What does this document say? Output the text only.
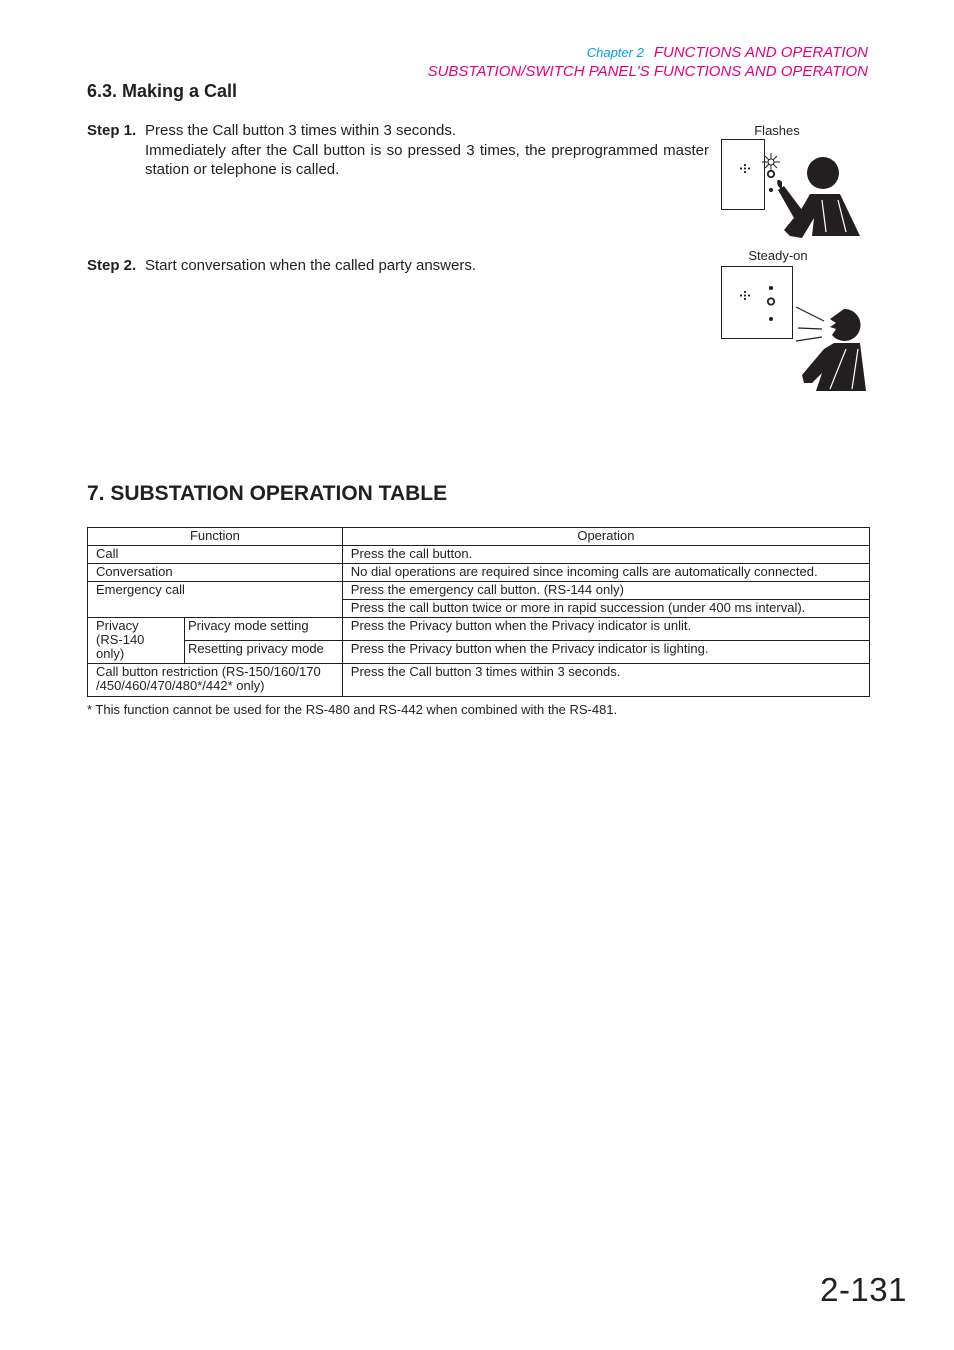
Chapter 2 FUNCTIONS AND OPERATION
SUBSTATION/SWITCH PANEL'S FUNCTIONS AND OPERATION
6.3. Making a Call
Step 1. Press the Call button 3 times within 3 seconds.

Immediately after the Call button is so pressed 3 times, the preprogrammed master station or telephone is called.

Step 2. Start conversation when the called party answers.

Flashes
Steady-on
7. SUBSTATION OPERATION TABLE
Function		Operation
Call		Press the call button.
Conversation		No dial operations are required since incoming calls are automatically connected.
Emergency call		Press the emergency call button. (RS-144 only)
		Press the call button twice or more in rapid succession (under 400 ms interval).
Privacy
(RS-140 only)	Privacy mode setting	Press the Privacy button when the Privacy indicator is unlit.
	Resetting privacy mode	Press the Privacy button when the Privacy indicator is lighting.
Call button restriction (RS-150/160/170
/450/460/470/480*/442* only)		Press the Call button 3 times within 3 seconds.
* This function cannot be used for the RS-480 and RS-442 when combined with the RS-481.
2-131
